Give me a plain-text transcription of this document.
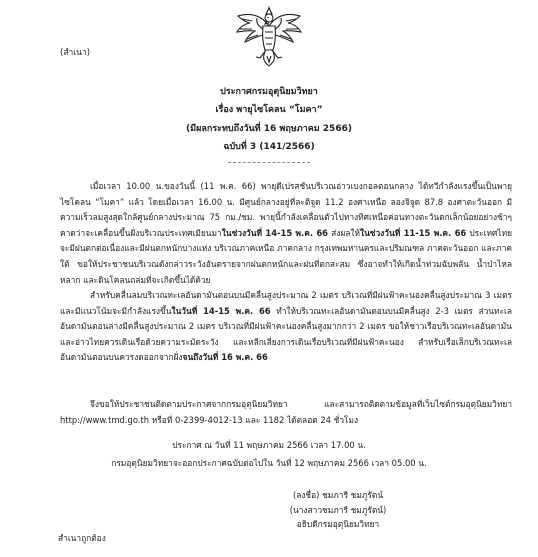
(สำเนา)
ประกาศกรมอุตุนิยมวิทยา
เรื่อง พายุไซโคลน “โมคา”
(มีผลกระทบถึงวันที่ 16 พฤษภาคม 2566)
ฉบับที่ 3 (141/2566)
เมื่อเวลา 10.00 น.ของวันนี้ (11 พ.ค. 66) พายุดีเปรสชันบริเวณอ่าวเบงกอลตอนกลาง ได้ทวีกำลังแรงขึ้นเป็นพายุไซโคลน “โมคา” แล้ว โดยเมื่อเวลา 16.00 น. มีศูนย์กลางอยู่ที่ละติจูด 11.2 องศาเหนือ ลองจิจูด 87.8 องศาตะวันออก มีความเร็วลมสูงสุดใกล้ศูนย์กลางประมาณ 75 กม./ชม. พายุนี้กำลังเคลื่อนตัวไปทางทิศเหนือค่อนทางตะวันตกเล็กน้อยอย่างช้าๆ คาดว่าจะเคลื่อนขึ้นฝั่งบริเวณประเทศเมียนมาในช่วงวันที่ 14-15 พ.ค. 66 ส่งผลให้ในช่วงวันที่ 11-15 พ.ค. 66 ประเทศไทยจะมีฝนตกต่อเนื่องและมีฝนตกหนักบางแห่ง บริเวณภาคเหนือ ภาคกลาง กรุงเทพมหานครและปริมณฑล ภาคตะวันออก และภาคใต้ ขอให้ประชาชนบริเวณดังกล่าวระวังอันตรายจากฝนตกหนักและฝนที่ตกสะสม ซึ่งอาจทำให้เกิดน้ำท่วมฉับพลัน น้ำป่าไหลหลาก และดินโคลนถล่มที่จะเกิดขึ้นได้ด้วย
สำหรับคลื่นลมบริเวณทะเลอันดามันตอนบนมีคลื่นสูงประมาณ 2 เมตร บริเวณที่มีฝนฟ้าคะนองคลื่นสูงประมาณ 3 เมตร และมีแนวโน้มจะมีกำลังแรงขึ้นในวันที่ 14-15 พ.ค. 66 ทำให้บริเวณทะเลอันดามันตอนบนมีคลื่นสูง 2-3 เมตร ส่วนทะเลอันดามันตอนล่างมีคลื่นสูงประมาณ 2 เมตร บริเวณที่มีฝนฟ้าคะนองคลื่นสูงมากกว่า 2 เมตร ขอให้ชาวเรือบริเวณทะเลอันดามันและอ่าวไทยควรเดินเรือด้วยความระมัดระวัง และหลีกเลี่ยงการเดินเรือบริเวณที่มีฝนฟ้าคะนอง สำหรับเรือเล็กบริเวณทะเลอันดามันตอนบนควรงดออกจากฝั่งจนถึงวันที่ 16 พ.ค. 66
จึงขอให้ประชาชนติดตามประกาศจากกรมอุตุนิยมวิทยา และสามารถติดตามข้อมูลที่เว็บไซต์กรมอุตุนิยมวิทยา http://www.tmd.go.th หรือที่ 0-2399-4012-13 และ 1182 ได้ตลอด 24 ชั่วโมง
ประกาศ ณ วันที่ 11 พฤษภาคม 2566 เวลา 17.00 น.
กรมอุตุนิยมวิทยาจะออกประกาศฉบับต่อไปใน วันที่ 12 พฤษภาคม 2566 เวลา 05.00 น.
(ลงชื่อ) ชมภารี ชมภูรัตน์
(นางสาวชมภารี ชมภูรัตน์)
อธิบดีกรมอุตุนิยมวิทยา
สำเนาถูกต้อง
